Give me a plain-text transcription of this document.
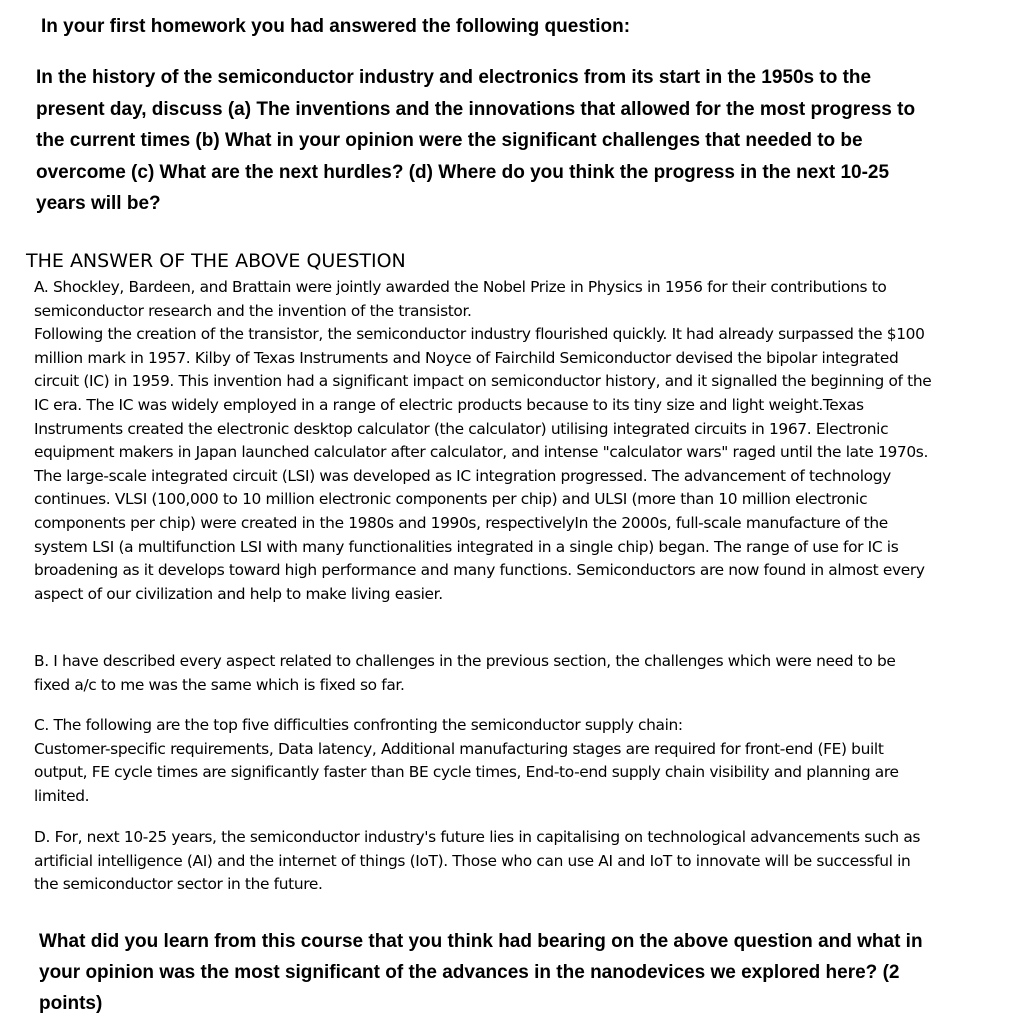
In your first homework you had answered the following question:

In the history of the semiconductor industry and electronics from its start in the 1950s to the present day, discuss (a) The inventions and the innovations that allowed for the most progress to the current times (b) What in your opinion were the significant challenges that needed to be overcome (c) What are the next hurdles? (d) Where do you think the progress in the next 10-25 years will be?

THE ANSWER OF THE ABOVE QUESTION

A. Shockley, Bardeen, and Brattain were jointly awarded the Nobel Prize in Physics in 1956 for their contributions to semiconductor research and the invention of the transistor.

Following the creation of the transistor, the semiconductor industry flourished quickly. It had already surpassed the $100 million mark in 1957. Kilby of Texas Instruments and Noyce of Fairchild Semiconductor devised the bipolar integrated circuit (IC) in 1959. This invention had a significant impact on semiconductor history, and it signalled the beginning of the IC era. The IC was widely employed in a range of electric products because to its tiny size and light weight.Texas Instruments created the electronic desktop calculator (the calculator) utilising integrated circuits in 1967. Electronic equipment makers in Japan launched calculator after calculator, and intense "calculator wars" raged until the late 1970s. The large-scale integrated circuit (LSI) was developed as IC integration progressed. The advancement of technology continues. VLSI (100,000 to 10 million electronic components per chip) and ULSI (more than 10 million electronic components per chip) were created in the 1980s and 1990s, respectivelyIn the 2000s, full-scale manufacture of the system LSI (a multifunction LSI with many functionalities integrated in a single chip) began. The range of use for IC is broadening as it develops toward high performance and many functions. Semiconductors are now found in almost every aspect of our civilization and help to make living easier.

B. I have described every aspect related to challenges in the previous section, the challenges which were need to be fixed a/c to me was the same which is fixed so far.

C. The following are the top five difficulties confronting the semiconductor supply chain:

Customer-specific requirements, Data latency, Additional manufacturing stages are required for front-end (FE) built output, FE cycle times are significantly faster than BE cycle times, End-to-end supply chain visibility and planning are limited.

D. For, next 10-25 years, the semiconductor industry's future lies in capitalising on technological advancements such as artificial intelligence (AI) and the internet of things (IoT). Those who can use AI and IoT to innovate will be successful in the semiconductor sector in the future.

What did you learn from this course that you think had bearing on the above question and what in your opinion was the most significant of the advances in the nanodevices we explored here? (2 points)
